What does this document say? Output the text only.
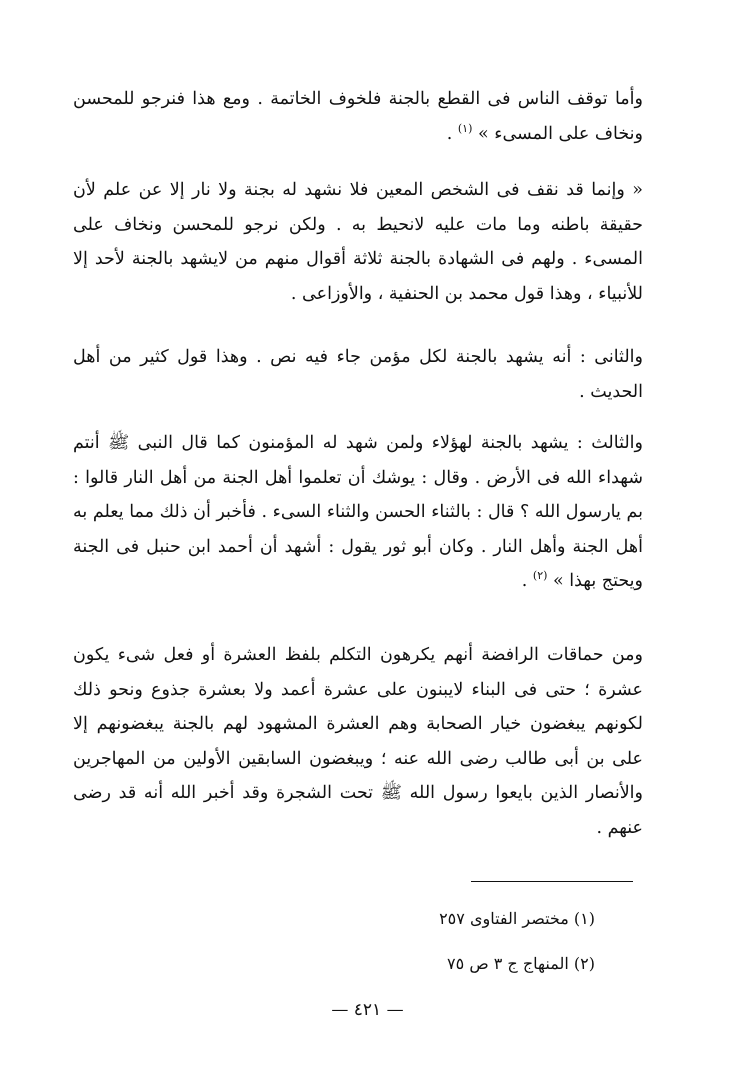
وأما توقف الناس فى القطع بالجنة فلخوف الخاتمة . ومع هذا فنرجو للمحسن ونخاف على المسىء » $^{(١)}$ .

« وإنما قد نقف فى الشخص المعين فلا نشهد له بجنة ولا نار إلا عن علم لأن حقيقة باطنه وما مات عليه لانحيط به . ولكن نرجو للمحسن ونخاف على المسىء . ولهم فى الشهادة بالجنة ثلاثة أقوال منهم من لايشهد بالجنة لأحد إلا للأنبياء ، وهذا قول محمد بن الحنفية ، والأوزاعى .

والثانى : أنه يشهد بالجنة لكل مؤمن جاء فيه نص . وهذا قول كثير من أهل الحديث .

والثالث : يشهد بالجنة لهؤلاء ولمن شهد له المؤمنون كما قال النبى ﷺ أنتم شهداء الله فى الأرض . وقال : يوشك أن تعلموا أهل الجنة من أهل النار قالوا : بم يارسول الله ؟ قال : بالثناء الحسن والثناء السىء . فأخبر أن ذلك مما يعلم به أهل الجنة وأهل النار . وكان أبو ثور يقول : أشهد أن أحمد ابن حنبل فى الجنة ويحتج بهذا » $^{(٢)}$ .

ومن حماقات الرافضة أنهم يكرهون التكلم بلفظ العشرة أو فعل شىء يكون عشرة ؛ حتى فى البناء لايبنون على عشرة أعمد ولا بعشرة جذوع ونحو ذلك لكونهم يبغضون خيار الصحابة وهم العشرة المشهود لهم بالجنة يبغضونهم إلا على بن أبى طالب رضى الله عنه ؛ ويبغضون السابقين الأولين من المهاجرين والأنصار الذين بايعوا رسول الله ﷺ تحت الشجرة وقد أخبر الله أنه قد رضى عنهم .

(١) مختصر الفتاوى ٢٥٧

(٢) المنهاج ج ٣ ص ٧٥

— ٤٢١ —
